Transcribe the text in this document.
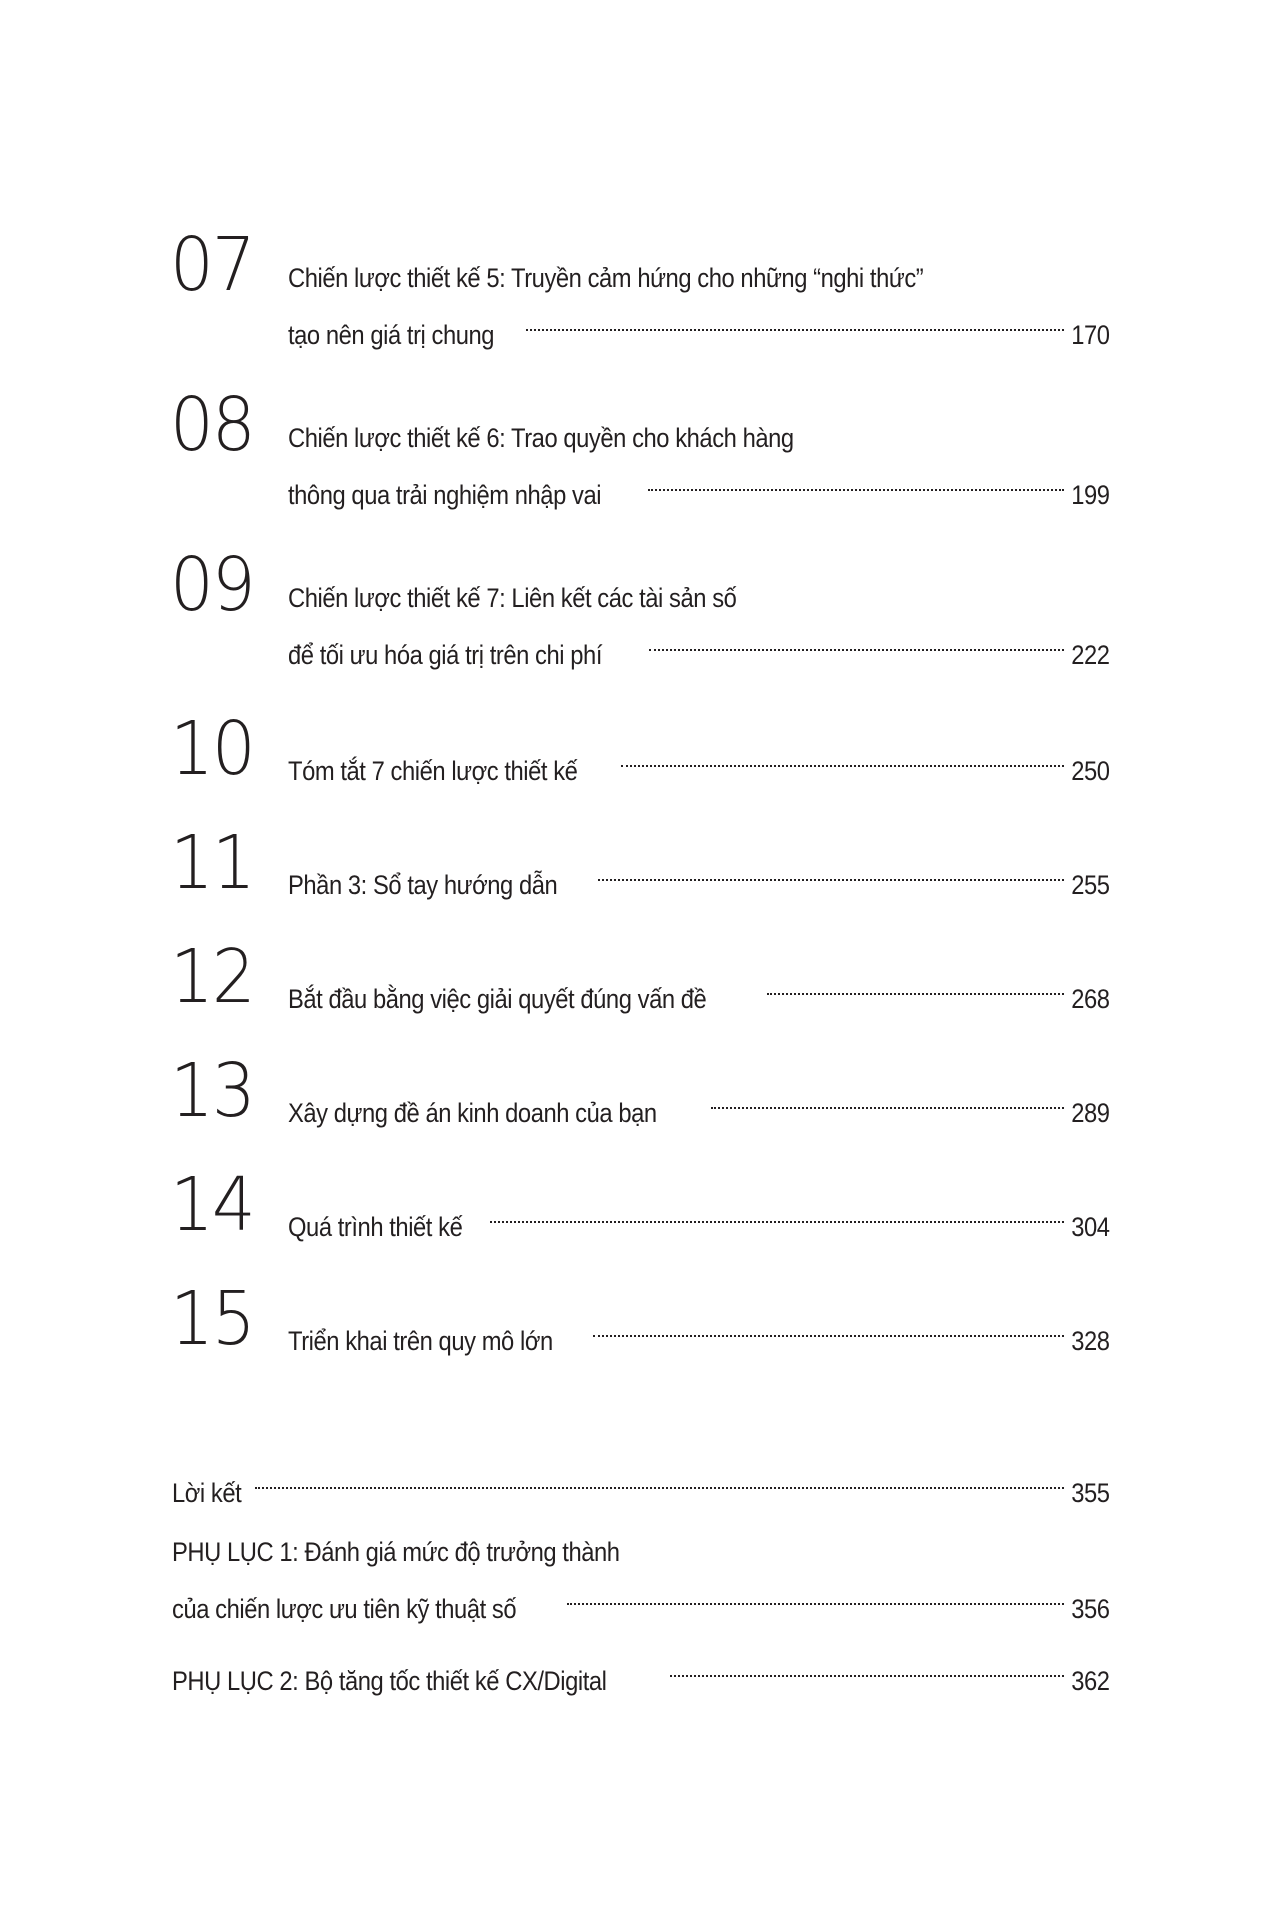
07 Chiến lược thiết kế 5: Truyền cảm hứng cho những “nghi thức”
tạo nên giá trị chung	170
08 Chiến lược thiết kế 6: Trao quyền cho khách hàng
thông qua trải nghiệm nhập vai	199
09 Chiến lược thiết kế 7: Liên kết các tài sản số
để tối ưu hóa giá trị trên chi phí	222
10 Tóm tắt 7 chiến lược thiết kế	250
11 Phần 3: Sổ tay hướng dẫn	255
12 Bắt đầu bằng việc giải quyết đúng vấn đề	268
13 Xây dựng đề án kinh doanh của bạn	289
14 Quá trình thiết kế	304
15 Triển khai trên quy mô lớn	328
Lời kết	355
PHỤ LỤC 1: Đánh giá mức độ trưởng thành
của chiến lược ưu tiên kỹ thuật số	356
PHỤ LỤC 2: Bộ tăng tốc thiết kế CX/Digital	362
